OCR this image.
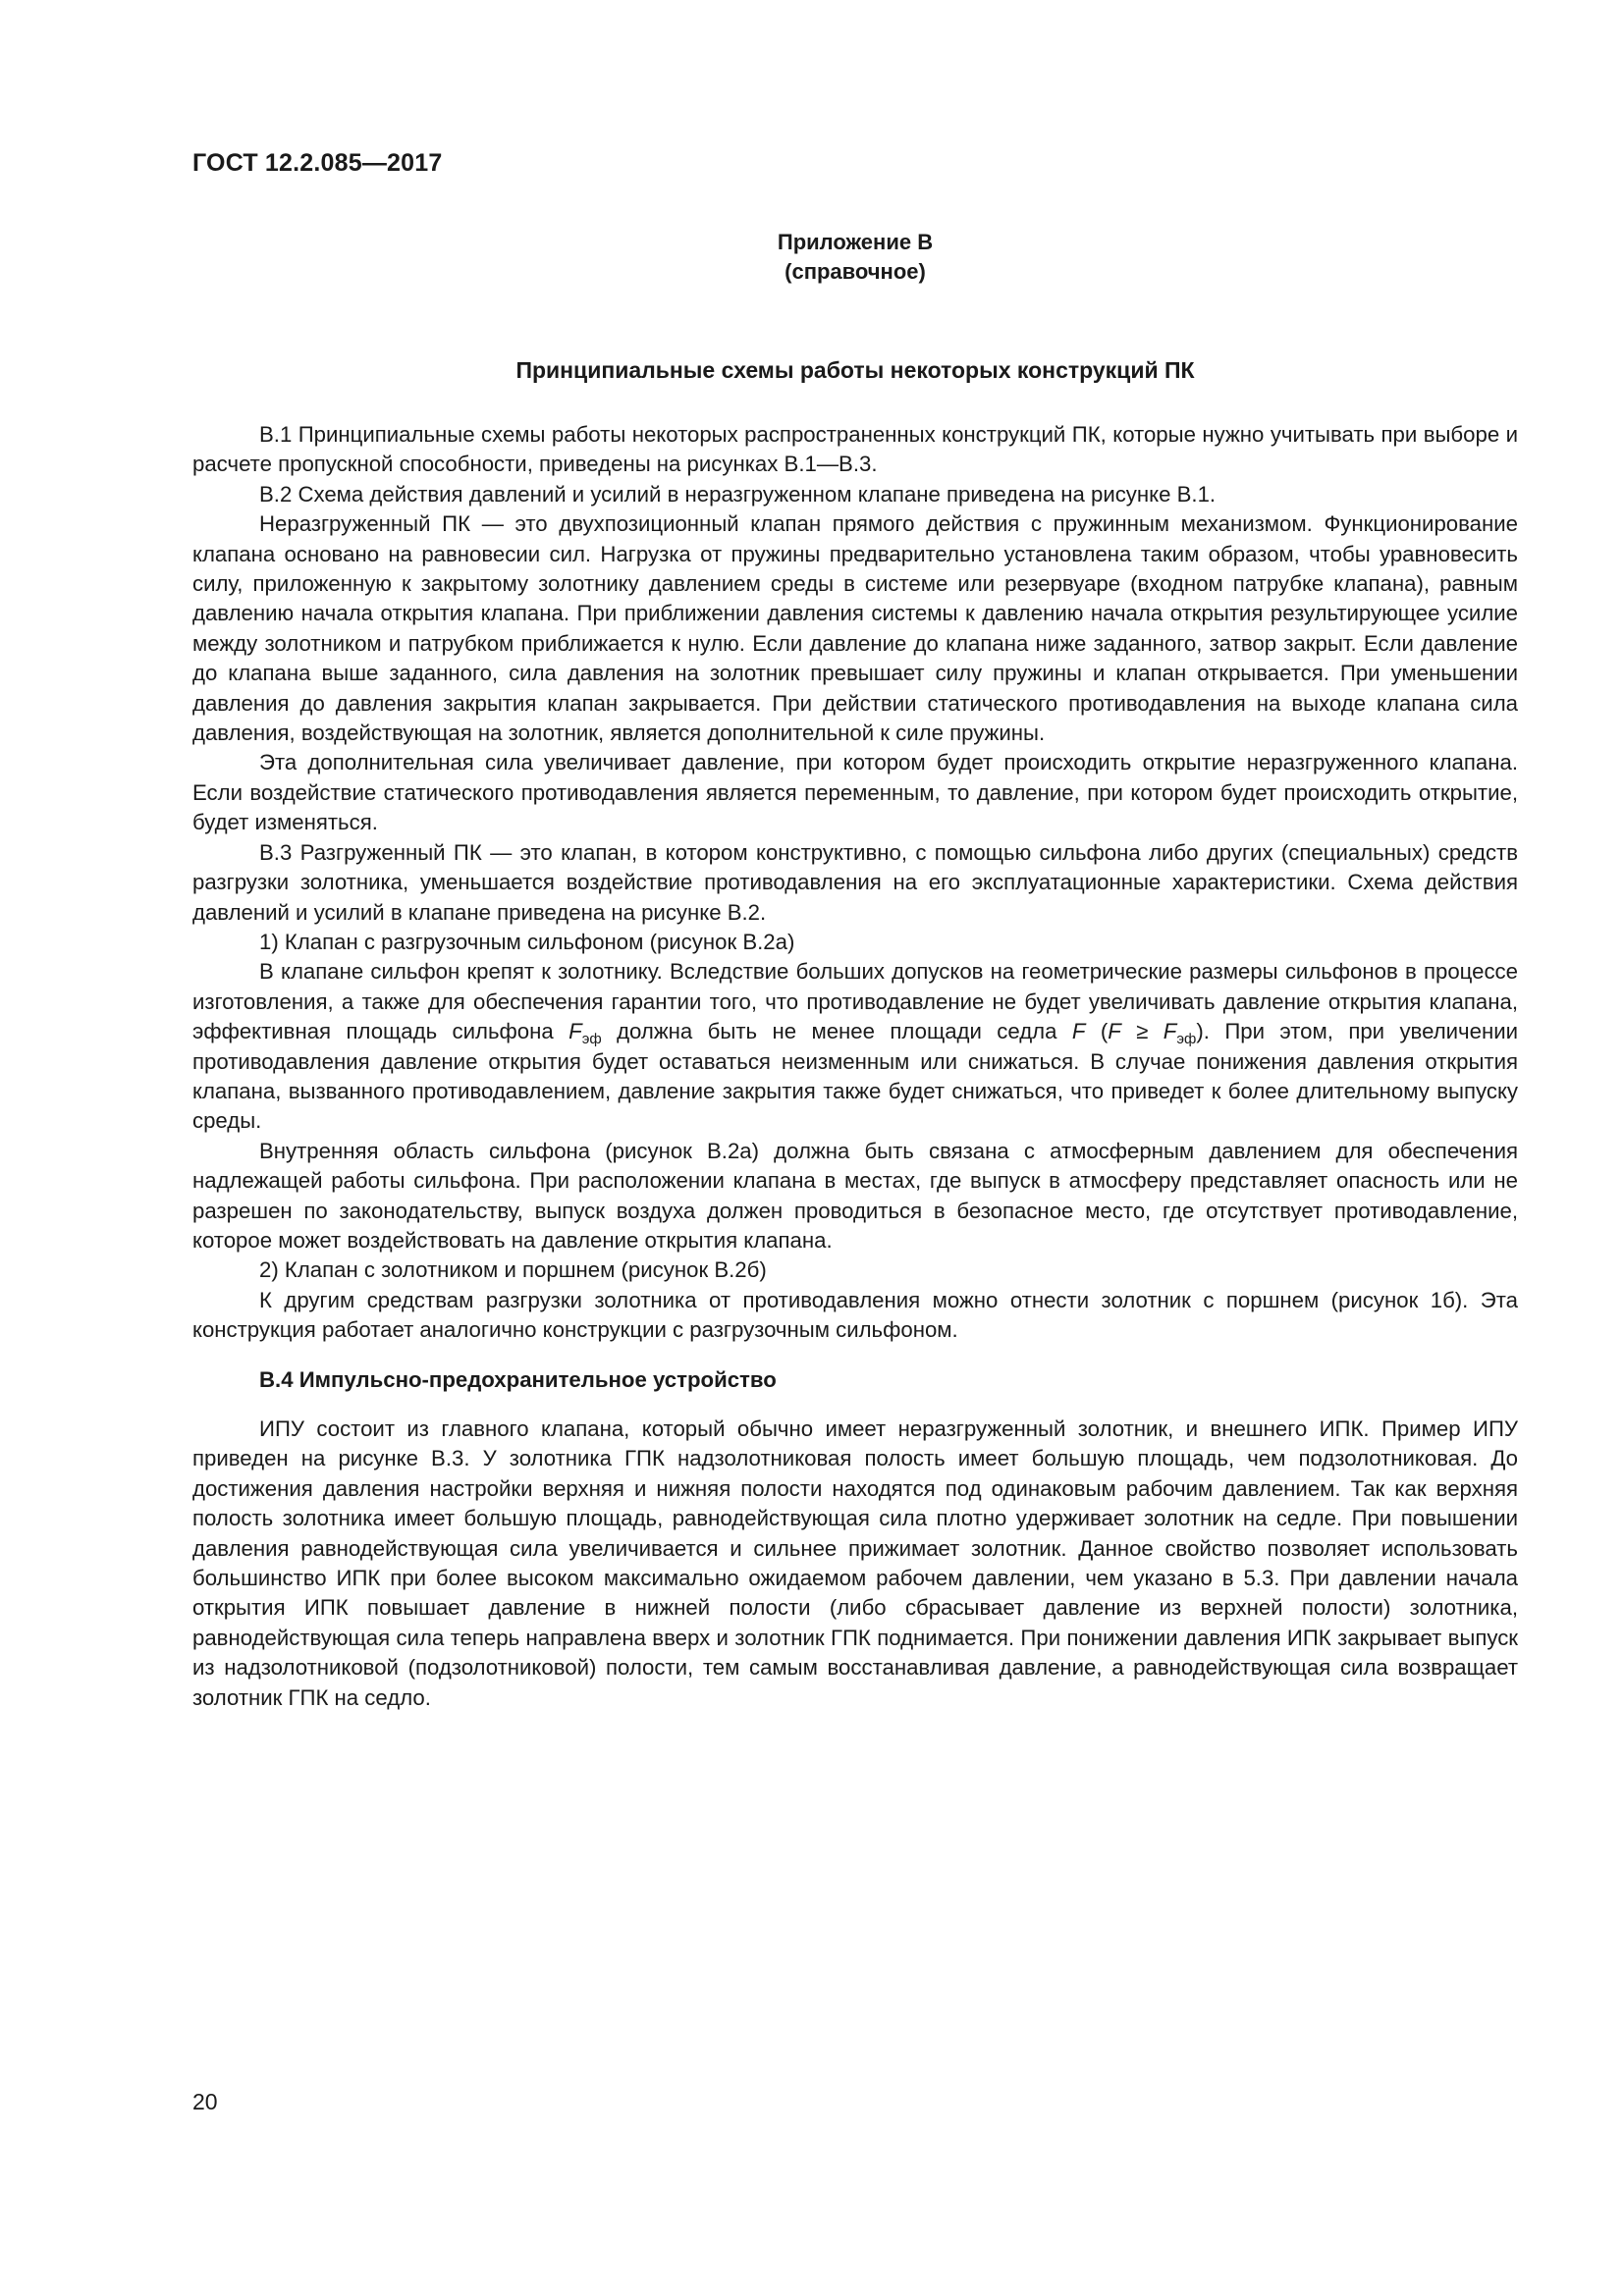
ГОСТ 12.2.085—2017
Приложение В
(справочное)
Принципиальные схемы работы некоторых конструкций ПК

В.1 Принципиальные схемы работы некоторых распространенных конструкций ПК, которые нужно учитывать при выборе и расчете пропускной способности, приведены на рисунках В.1—В.3.

В.2 Схема действия давлений и усилий в неразгруженном клапане приведена на рисунке В.1.

Неразгруженный ПК — это двухпозиционный клапан прямого действия с пружинным механизмом. Функционирование клапана основано на равновесии сил. Нагрузка от пружины предварительно установлена таким образом, чтобы уравновесить силу, приложенную к закрытому золотнику давлением среды в системе или резервуаре (входном патрубке клапана), равным давлению начала открытия клапана. При приближении давления системы к давлению начала открытия результирующее усилие между золотником и патрубком приближается к нулю. Если давление до клапана ниже заданного, затвор закрыт. Если давление до клапана выше заданного, сила давления на золотник превышает силу пружины и клапан открывается. При уменьшении давления до давления закрытия клапан закрывается. При действии статического противодавления на выходе клапана сила давления, воздействующая на золотник, является дополнительной к силе пружины.

Эта дополнительная сила увеличивает давление, при котором будет происходить открытие неразгруженного клапана. Если воздействие статического противодавления является переменным, то давление, при котором будет происходить открытие, будет изменяться.

В.3 Разгруженный ПК — это клапан, в котором конструктивно, с помощью сильфона либо других (специальных) средств разгрузки золотника, уменьшается воздействие противодавления на его эксплуатационные характеристики. Схема действия давлений и усилий в клапане приведена на рисунке В.2.

1) Клапан с разгрузочным сильфоном (рисунок В.2а)

В клапане сильфон крепят к золотнику. Вследствие больших допусков на геометрические размеры сильфонов в процессе изготовления, а также для обеспечения гарантии того, что противодавление не будет увеличивать давление открытия клапана, эффективная площадь сильфона $F_{эф}$ должна быть не менее площади седла F $(F \ge F_{эф})$. При этом, при увеличении противодавления давление открытия будет оставаться неизменным или снижаться. В случае понижения давления открытия клапана, вызванного противодавлением, давление закрытия также будет снижаться, что приведет к более длительному выпуску среды.

Внутренняя область сильфона (рисунок В.2а) должна быть связана с атмосферным давлением для обеспечения надлежащей работы сильфона. При расположении клапана в местах, где выпуск в атмосферу представляет опасность или не разрешен по законодательству, выпуск воздуха должен проводиться в безопасное место, где отсутствует противодавление, которое может воздействовать на давление открытия клапана.

2) Клапан с золотником и поршнем (рисунок В.2б)

К другим средствам разгрузки золотника от противодавления можно отнести золотник с поршнем (рисунок 1б). Эта конструкция работает аналогично конструкции с разгрузочным сильфоном.

В.4 Импульсно-предохранительное устройство

ИПУ состоит из главного клапана, который обычно имеет неразгруженный золотник, и внешнего ИПК. Пример ИПУ приведен на рисунке В.3. У золотника ГПК надзолотниковая полость имеет большую площадь, чем подзолотниковая. До достижения давления настройки верхняя и нижняя полости находятся под одинаковым рабочим давлением. Так как верхняя полость золотника имеет большую площадь, равнодействующая сила плотно удерживает золотник на седле. При повышении давления равнодействующая сила увеличивается и сильнее прижимает золотник. Данное свойство позволяет использовать большинство ИПК при более высоком максимально ожидаемом рабочем давлении, чем указано в 5.3. При давлении начала открытия ИПК повышает давление в нижней полости (либо сбрасывает давление из верхней полости) золотника, равнодействующая сила теперь направлена вверх и золотник ГПК поднимается. При понижении давления ИПК закрывает выпуск из надзолотниковой (подзолотниковой) полости, тем самым восстанавливая давление, а равнодействующая сила возвращает золотник ГПК на седло.

20
